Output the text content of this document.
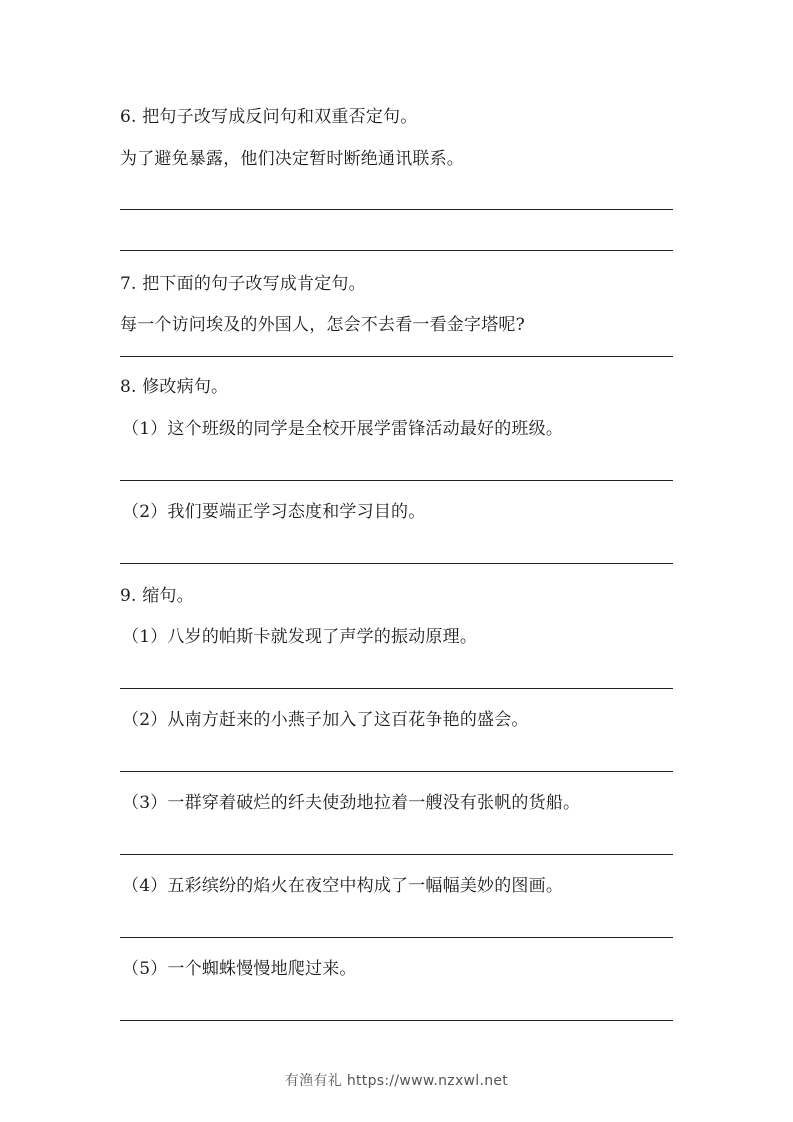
6. 把句子改写成反问句和双重否定句。
为了避免暴露，他们决定暂时断绝通讯联系。
7. 把下面的句子改写成肯定句。
每一个访问埃及的外国人，怎会不去看一看金字塔呢?
8. 修改病句。
（1）这个班级的同学是全校开展学雷锋活动最好的班级。
（2）我们要端正学习态度和学习目的。
9. 缩句。
（1）八岁的帕斯卡就发现了声学的振动原理。
（2）从南方赶来的小燕子加入了这百花争艳的盛会。
（3）一群穿着破烂的纤夫使劲地拉着一艘没有张帆的货船。
（4）五彩缤纷的焰火在夜空中构成了一幅幅美妙的图画。
（5）一个蜘蛛慢慢地爬过来。
有渔有礼 https://www.nzxwl.net
